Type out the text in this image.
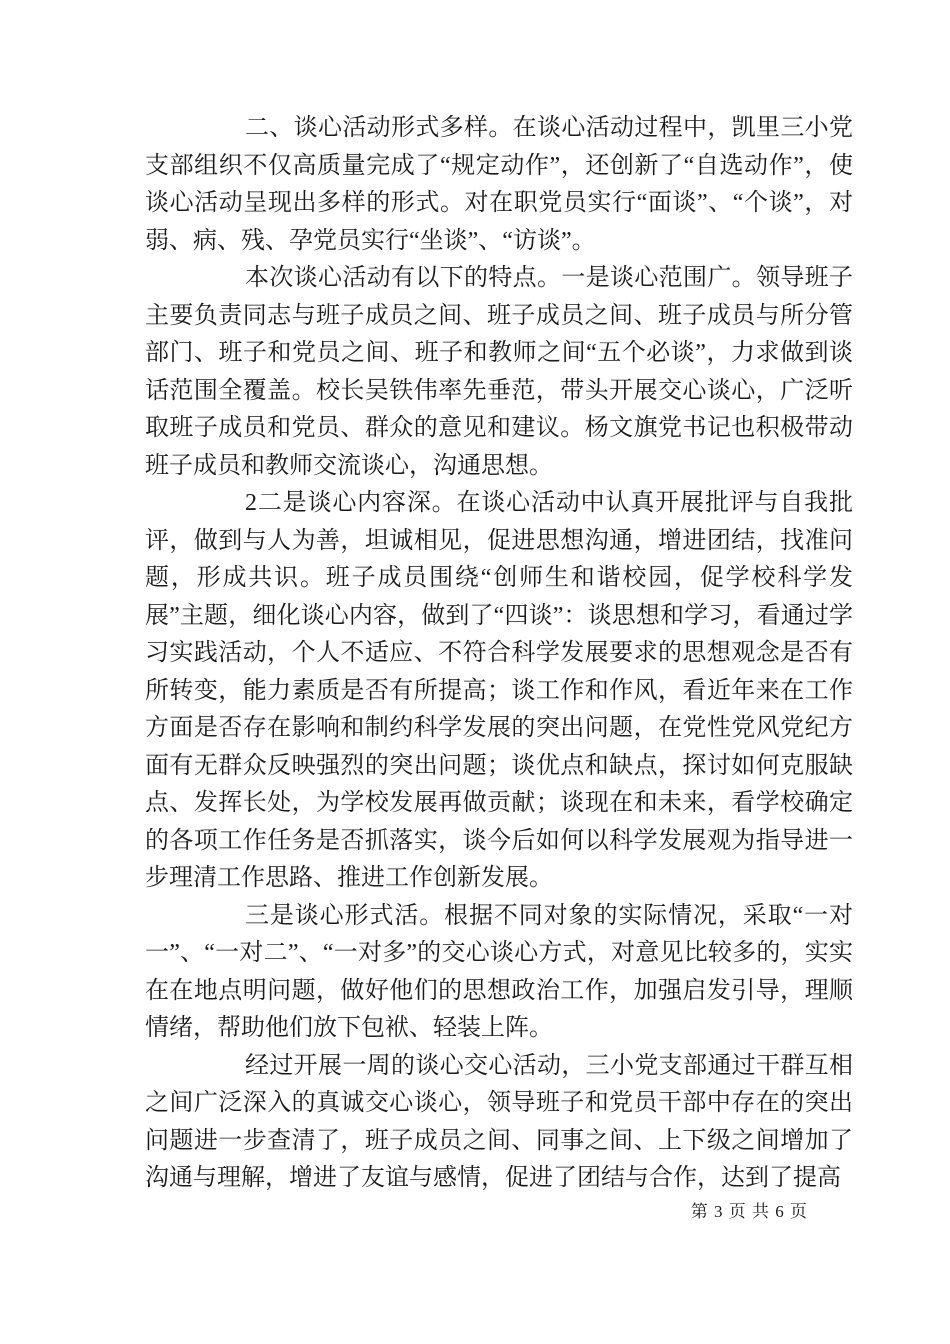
二、谈心活动形式多样。在谈心活动过程中，凯里三小党支部组织不仅高质量完成了“规定动作”，还创新了“自选动作”，使谈心活动呈现出多样的形式。对在职党员实行“面谈”、“个谈”，对弱、病、残、孕党员实行“坐谈”、“访谈”。

本次谈心活动有以下的特点。一是谈心范围广。领导班子主要负责同志与班子成员之间、班子成员之间、班子成员与所分管部门、班子和党员之间、班子和教师之间“五个必谈”，力求做到谈话范围全覆盖。校长吴铁伟率先垂范，带头开展交心谈心，广泛听取班子成员和党员、群众的意见和建议。杨文旗党书记也积极带动班子成员和教师交流谈心，沟通思想。

2二是谈心内容深。在谈心活动中认真开展批评与自我批评，做到与人为善，坦诚相见，促进思想沟通，增进团结，找准问题，形成共识。班子成员围绕“创师生和谐校园，促学校科学发展”主题，细化谈心内容，做到了“四谈”：谈思想和学习，看通过学习实践活动，个人不适应、不符合科学发展要求的思想观念是否有所转变，能力素质是否有所提高；谈工作和作风，看近年来在工作方面是否存在影响和制约科学发展的突出问题，在党性党风党纪方面有无群众反映强烈的突出问题；谈优点和缺点，探讨如何克服缺点、发挥长处，为学校发展再做贡献；谈现在和未来，看学校确定的各项工作任务是否抓落实，谈今后如何以科学发展观为指导进一步理清工作思路、推进工作创新发展。

三是谈心形式活。根据不同对象的实际情况，采取“一对一”、“一对二”、“一对多”的交心谈心方式，对意见比较多的，实实在在地点明问题，做好他们的思想政治工作，加强启发引导，理顺情绪，帮助他们放下包袱、轻装上阵。

经过开展一周的谈心交心活动，三小党支部通过干群互相之间广泛深入的真诚交心谈心，领导班子和党员干部中存在的突出问题进一步查清了，班子成员之间、同事之间、上下级之间增加了沟通与理解，增进了友谊与感情，促进了团结与合作，达到了提高

第 3 页 共 6 页
